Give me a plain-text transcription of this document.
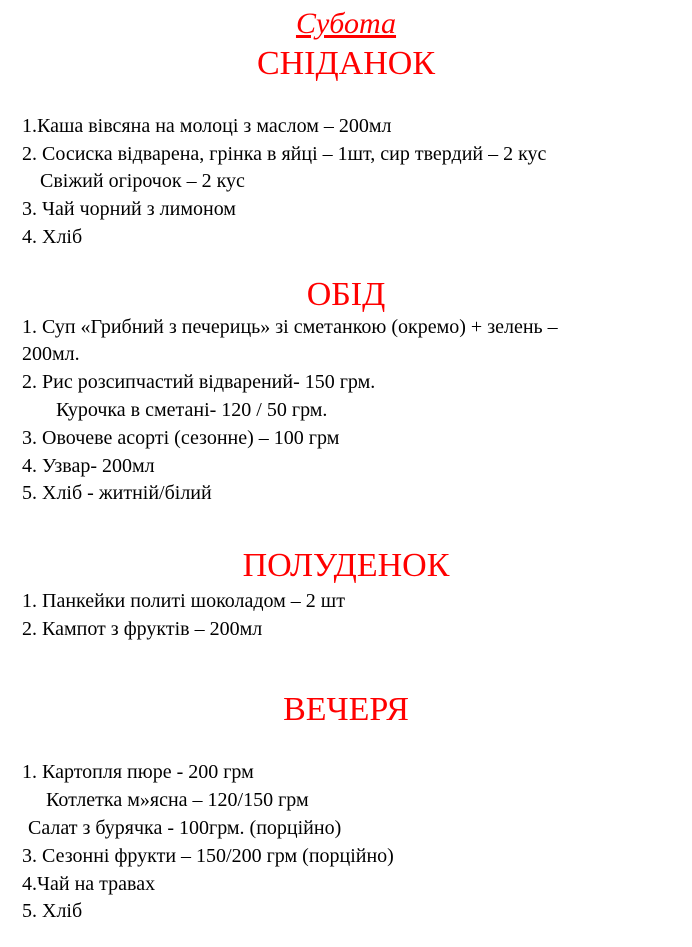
Субота
СНІДАНОК
1.Каша вівсяна на молоці з маслом – 200мл
2. Сосиска відварена, грінка в яйці – 1шт, сир твердий – 2 кус
Свіжий огірочок – 2 кус
3. Чай чорний з лимоном
4. Хліб
ОБІД
1. Суп «Грибний з печериць» зі сметанкою (окремо) + зелень –
200мл.
2. Рис розсипчастий відварений- 150 грм.
Курочка в сметані- 120 / 50 грм.
3. Овочеве асорті (сезонне) – 100 грм
4. Узвар- 200мл
5. Хліб - житній/білий
ПОЛУДЕНОК
1. Панкейки политі шоколадом – 2 шт
2. Кампот з фруктів – 200мл
ВЕЧЕРЯ
1. Картопля пюре - 200 грм
Котлетка м»ясна – 120/150 грм
Салат з бурячка - 100грм. (порційно)
3. Сезонні фрукти – 150/200 грм (порційно)
4.Чай на травах
5. Хліб
